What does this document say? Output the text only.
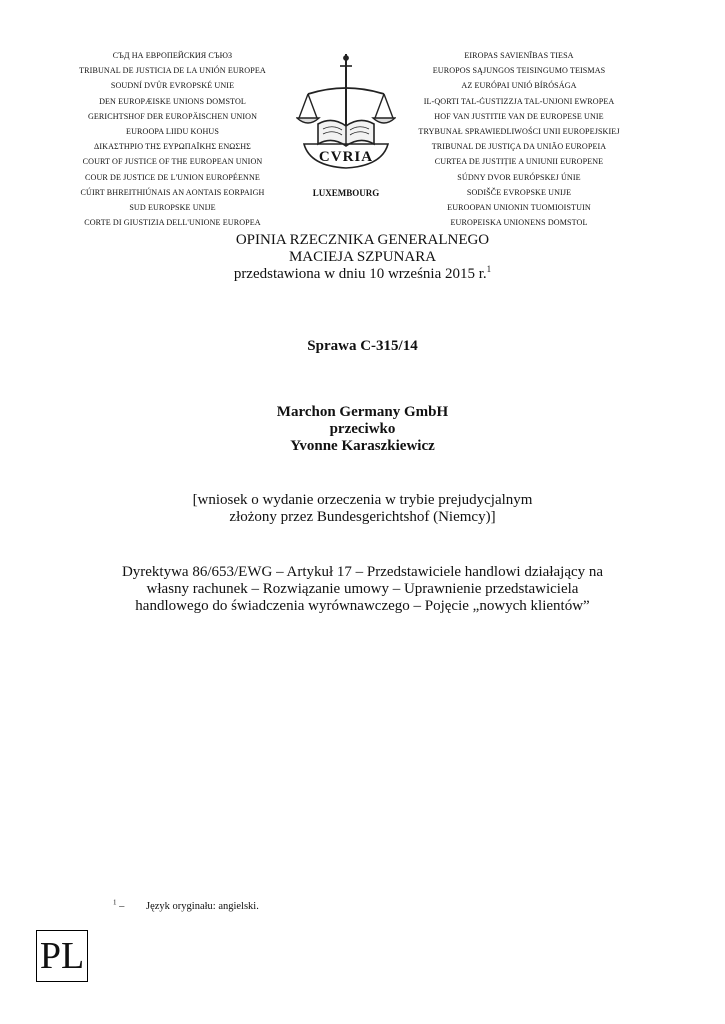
СЪД НА ЕВРОПЕЙСКИЯ СЪЮЗ
TRIBUNAL DE JUSTICIA DE LA UNIÓN EUROPEA
SOUDNÍ DVŮR EVROPSKÉ UNIE
DEN EUROPÆISKE UNIONS DOMSTOL
GERICHTSHOF DER EUROPÄISCHEN UNION
EUROOPA LIIDU KOHUS
ΔΙΚΑΣΤΗΡΙΟ ΤΗΣ ΕΥΡΩΠΑΪΚΗΣ ΕΝΩΣΗΣ
COURT OF JUSTICE OF THE EUROPEAN UNION
COUR DE JUSTICE DE L'UNION EUROPÉENNE
CÚIRT BHREITHIÚNAIS AN AONTAIS EORPAIGH
SUD EUROPSKE UNIJE
CORTE DI GIUSTIZIA DELL'UNIONE EUROPEA
EIROPAS SAVIENĪBAS TIESA
EUROPOS SĄJUNGOS TEISINGUMO TEISMAS
AZ EURÓPAI UNIÓ BÍRÓSÁGA
IL-QORTI TAL-ĠUSTIZZJA TAL-UNJONI EWROPEA
HOF VAN JUSTITIE VAN DE EUROPESE UNIE
TRYBUNAŁ SPRAWIEDLIWOŚCI UNII EUROPEJSKIEJ
TRIBUNAL DE JUSTIÇA DA UNIÃO EUROPEIA
CURTEA DE JUSTIȚIE A UNIUNII EUROPENE
SÚDNY DVOR EURÓPSKEJ ÚNIE
SODIŠČE EVROPSKE UNIJE
EUROOPAN UNIONIN TUOMIOISTUIN
EUROPEISKA UNIONENS DOMSTOL
CVRIA
LUXEMBOURG
OPINIA RZECZNIKA GENERALNEGO
MACIEJA SZPUNARA
przedstawiona w dniu 10 września 2015 r.$^1$
Sprawa C-315/14
Marchon Germany GmbH
przeciwko
Yvonne Karaszkiewicz
[wniosek o wydanie orzeczenia w trybie prejudycjalnym
złożony przez Bundesgerichtshof (Niemcy)]
Dyrektywa 86/653/EWG – Artykuł 17 – Przedstawiciele handlowi działający na
własny rachunek – Rozwiązanie umowy – Uprawnienie przedstawiciela
handlowego do świadczenia wyrównawczego – Pojęcie „nowych klientów”
$^1$ – Język oryginału: angielski.
PL
